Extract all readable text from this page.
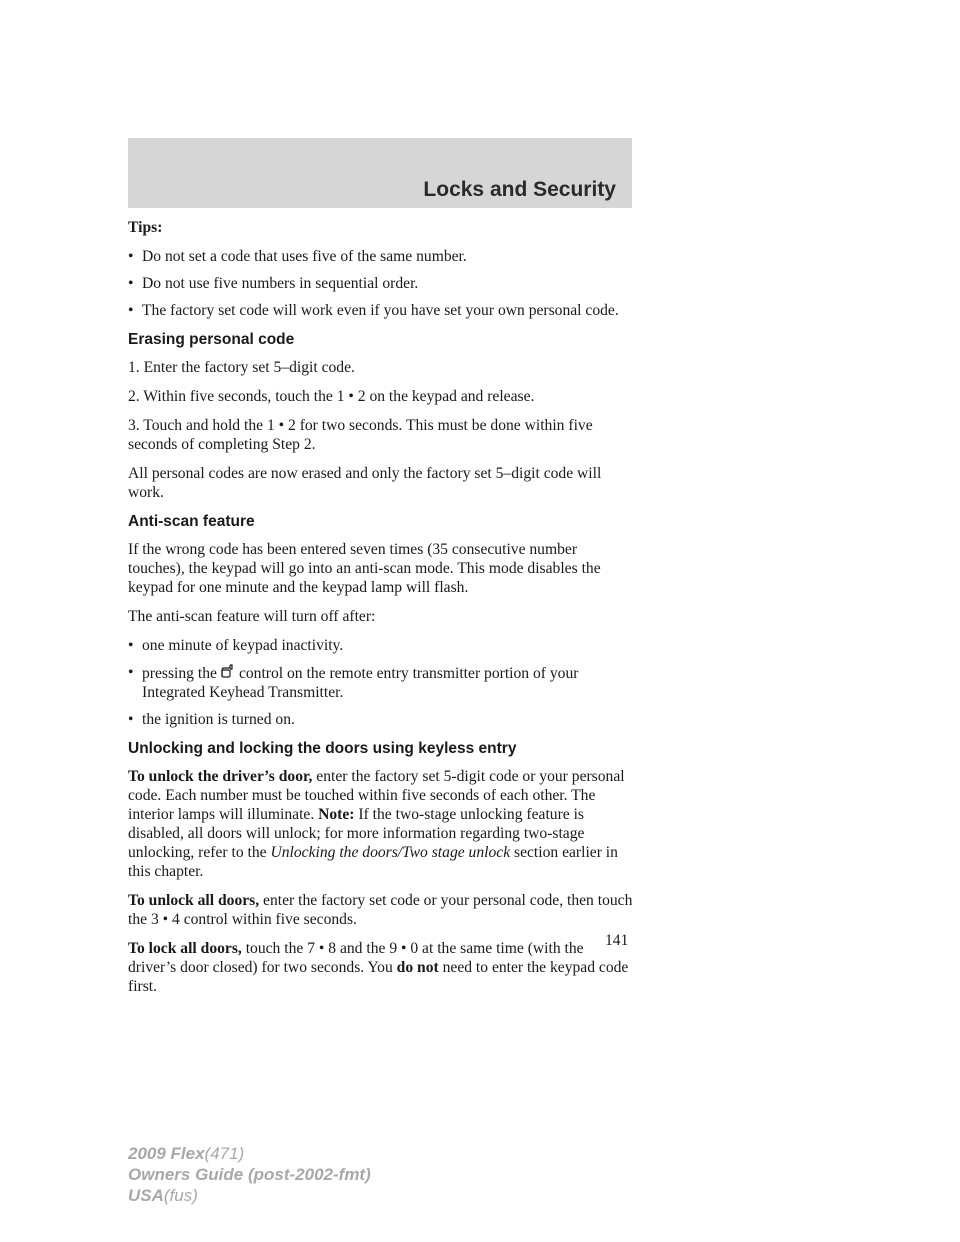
Locks and Security

Tips:

• Do not set a code that uses five of the same number.
• Do not use five numbers in sequential order.
• The factory set code will work even if you have set your own personal code.
Erasing personal code

1. Enter the factory set 5–digit code.

2. Within five seconds, touch the 1 • 2 on the keypad and release.

3. Touch and hold the 1 • 2 for two seconds. This must be done within five seconds of completing Step 2.

All personal codes are now erased and only the factory set 5–digit code will work.

Anti-scan feature

If the wrong code has been entered seven times (35 consecutive number touches), the keypad will go into an anti-scan mode. This mode disables the keypad for one minute and the keypad lamp will flash.

The anti-scan feature will turn off after:

• one minute of keypad inactivity.
• pressing the control on the remote entry transmitter portion of your Integrated Keyhead Transmitter.
• the ignition is turned on.
Unlocking and locking the doors using keyless entry

To unlock the driver’s door, enter the factory set 5-digit code or your personal code. Each number must be touched within five seconds of each other. The interior lamps will illuminate. Note: If the two-stage unlocking feature is disabled, all doors will unlock; for more information regarding two-stage unlocking, refer to the Unlocking the doors/Two stage unlock section earlier in this chapter.

To unlock all doors, enter the factory set code or your personal code, then touch the 3 • 4 control within five seconds.

To lock all doors, touch the 7 • 8 and the 9 • 0 at the same time (with the driver’s door closed) for two seconds. You do not need to enter the keypad code first.

141
2009 Flex(471)
Owners Guide (post-2002-fmt)
USA(fus)
